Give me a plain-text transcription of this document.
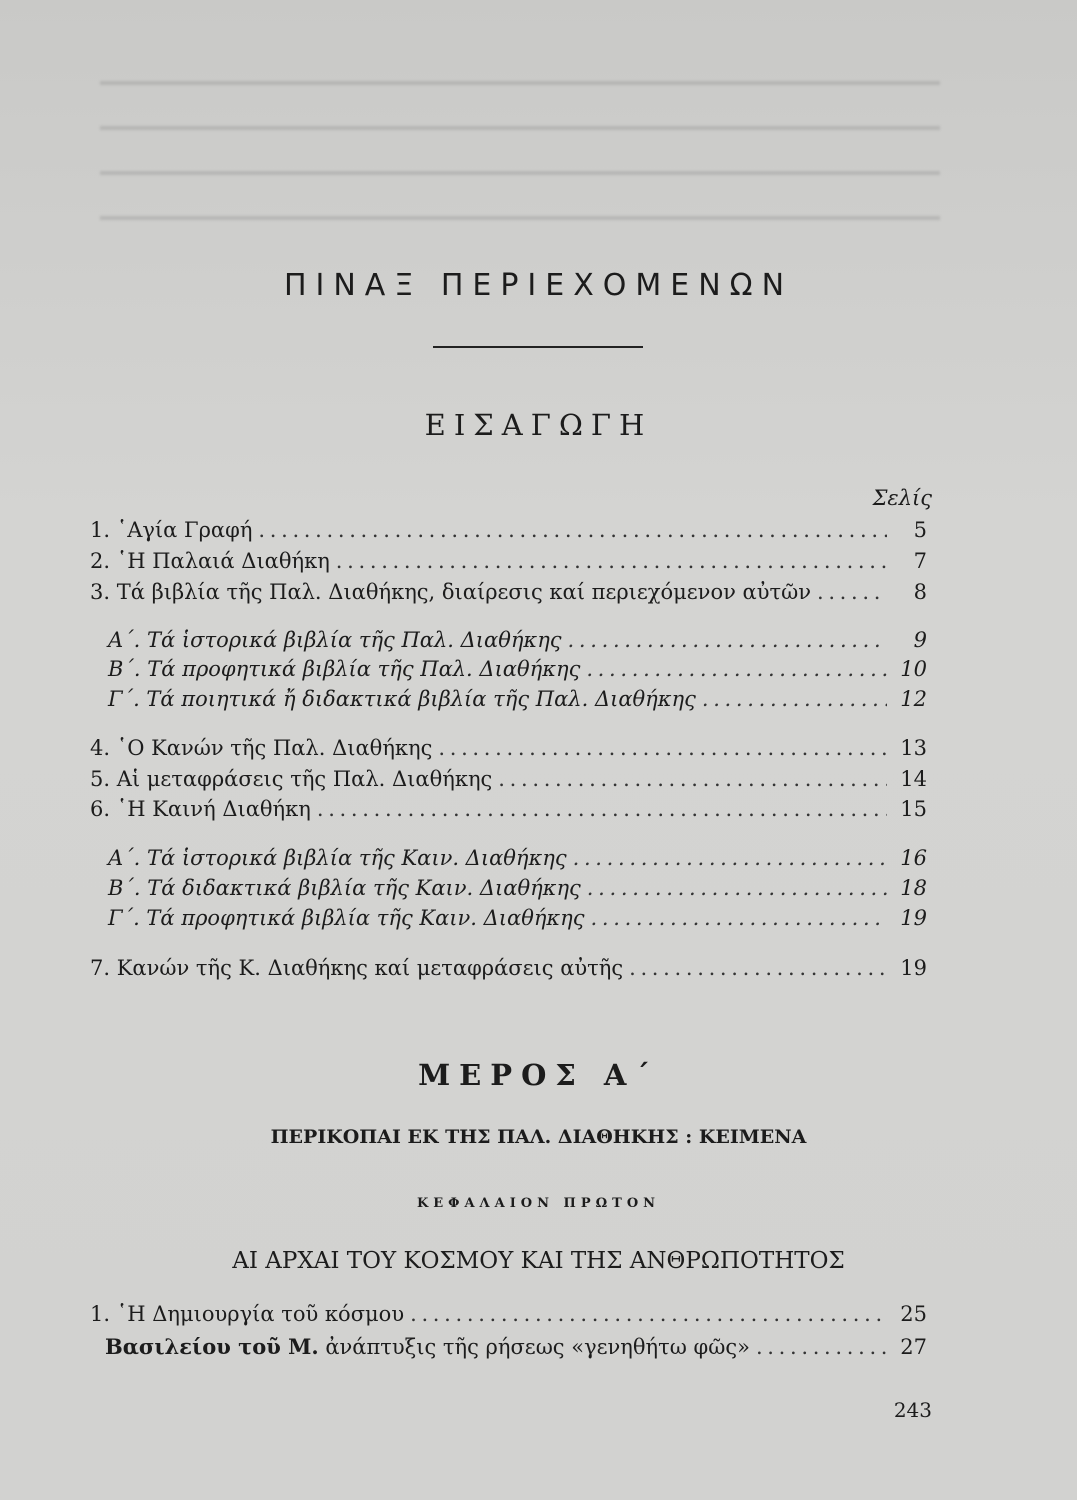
ΠΙΝΑΞ ΠΕΡΙΕΧΟΜΕΝΩΝ
ΕΙΣΑΓΩΓΗ
Σελίς
1. ῾Αγία Γραφή . . .	5
2. ῾Η Παλαιά Διαθήκη . . .	7
3. Τά βιβλία τῆς Παλ. Διαθήκης, διαίρεσις καί περιεχόμενον αὐτῶν . . .	8
Α΄. Τά ἱστορικά βιβλία τῆς Παλ. Διαθήκης . . .	9
Β΄. Τά προφητικά βιβλία τῆς Παλ. Διαθήκης . . .	10
Γ΄. Τά ποιητικά ἤ διδακτικά βιβλία τῆς Παλ. Διαθήκης . . .	12
4. ῾Ο Κανών τῆς Παλ. Διαθήκης . . .	13
5. Αἱ μεταφράσεις τῆς Παλ. Διαθήκης . . .	14
6. ῾Η Καινή Διαθήκη . . .	15
Α΄. Τά ἱστορικά βιβλία τῆς Καιν. Διαθήκης . . .	16
Β΄. Τά διδακτικά βιβλία τῆς Καιν. Διαθήκης . . .	18
Γ΄. Τά προφητικά βιβλία τῆς Καιν. Διαθήκης . . .	19
7. Κανών τῆς Κ. Διαθήκης καί μεταφράσεις αὐτῆς . . .	19
ΜΕΡΟΣ Α΄
ΠΕΡΙΚΟΠΑΙ ΕΚ ΤΗΣ ΠΑΛ. ΔΙΑΘΗΚΗΣ : ΚΕΙΜΕΝΑ
ΚΕΦΑΛΑΙΟΝ ΠΡΩΤΟΝ
ΑΙ ΑΡΧΑΙ ΤΟΥ ΚΟΣΜΟΥ ΚΑΙ ΤΗΣ ΑΝΘΡΩΠΟΤΗΤΟΣ
1. ῾Η Δημιουργία τοῦ κόσμου . . .	25
Βασιλείου τοῦ Μ. ἀνάπτυξις τῆς ρήσεως «γενηθήτω φῶς» . . .	27
243
